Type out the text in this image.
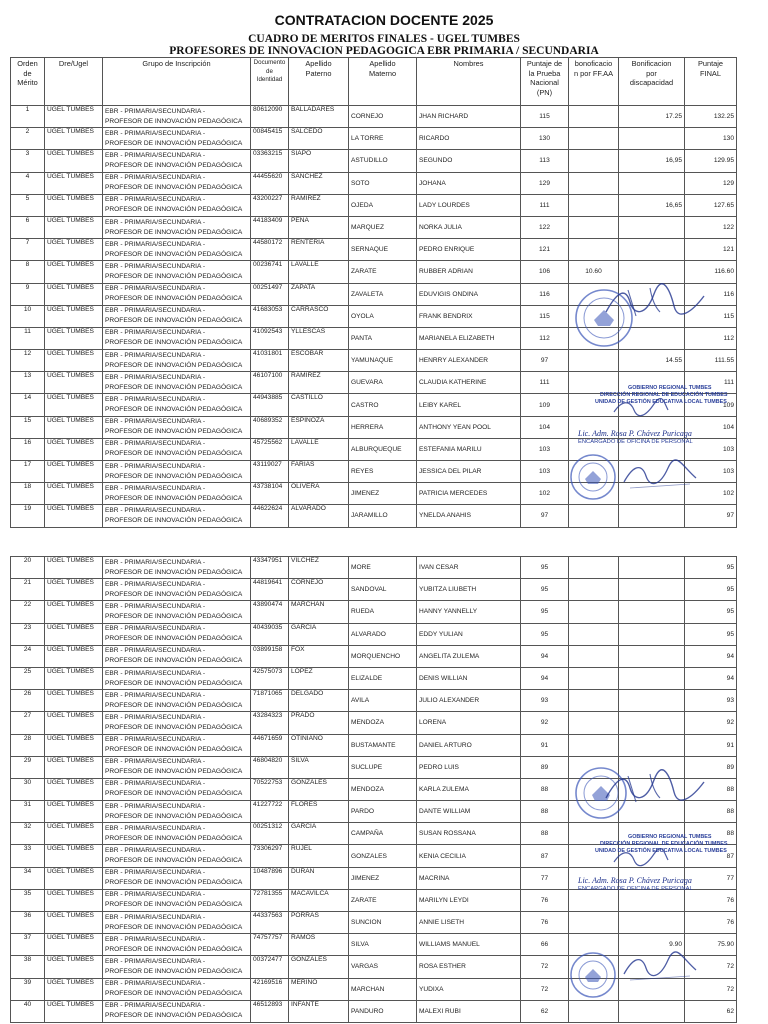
CONTRATACION DOCENTE 2025
CUADRO DE MERITOS FINALES - UGEL TUMBES
PROFESORES DE INNOVACION PEDAGOGICA EBR PRIMARIA / SECUNDARIA
Orden
de
Mérito	Dre/Ugel	Grupo de Inscripción	Documento
de
Identidad	Apellido
Paterno	Apellido
Materno	Nombres	Puntaje de
la Prueba
Nacional
(PN)	bonoficacio
n por FF.AA	Bonificacion
por
discapacidad	Puntaje
FINAL

1	UGEL TUMBES	EBR - PRIMARIA/SECUNDARIA -
PROFESOR DE INNOVACIÓN PEDAGÓGICA	80612090	BALLADARES	CORNEJO	JHAN RICHARD	115		17.25	132.25
2	UGEL TUMBES	EBR - PRIMARIA/SECUNDARIA -
PROFESOR DE INNOVACIÓN PEDAGÓGICA	00845415	SALCEDO	LA TORRE	RICARDO	130			130
3	UGEL TUMBES	EBR - PRIMARIA/SECUNDARIA -
PROFESOR DE INNOVACIÓN PEDAGÓGICA	03363215	SIAPO	ASTUDILLO	SEGUNDO	113		16,95	129.95
4	UGEL TUMBES	EBR - PRIMARIA/SECUNDARIA -
PROFESOR DE INNOVACIÓN PEDAGÓGICA	44455620	SANCHEZ	SOTO	JOHANA	129			129
5	UGEL TUMBES	EBR - PRIMARIA/SECUNDARIA -
PROFESOR DE INNOVACIÓN PEDAGÓGICA	43200227	RAMIREZ	OJEDA	LADY LOURDES	111		16,65	127.65
6	UGEL TUMBES	EBR - PRIMARIA/SECUNDARIA -
PROFESOR DE INNOVACIÓN PEDAGÓGICA	44183409	PEÑA	MARQUEZ	NORKA JULIA	122			122
7	UGEL TUMBES	EBR - PRIMARIA/SECUNDARIA -
PROFESOR DE INNOVACIÓN PEDAGÓGICA	44580172	RENTERIA	SERNAQUE	PEDRO ENRIQUE	121			121
8	UGEL TUMBES	EBR - PRIMARIA/SECUNDARIA -
PROFESOR DE INNOVACIÓN PEDAGÓGICA	00236741	LAVALLE	ZARATE	RUBBER ADRIAN	106	10.60		116.60
9	UGEL TUMBES	EBR - PRIMARIA/SECUNDARIA -
PROFESOR DE INNOVACIÓN PEDAGÓGICA	00251497	ZAPATA	ZAVALETA	EDUVIGIS ONDINA	116			116
10	UGEL TUMBES	EBR - PRIMARIA/SECUNDARIA -
PROFESOR DE INNOVACIÓN PEDAGÓGICA	41683053	CARRASCO	OYOLA	FRANK BENDRIX	115			115
11	UGEL TUMBES	EBR - PRIMARIA/SECUNDARIA -
PROFESOR DE INNOVACIÓN PEDAGÓGICA	41092543	YLLESCAS	PANTA	MARIANELA ELIZABETH	112			112
12	UGEL TUMBES	EBR - PRIMARIA/SECUNDARIA -
PROFESOR DE INNOVACIÓN PEDAGÓGICA	41031801	ESCOBAR	YAMUNAQUE	HENRRY ALEXANDER	97		14.55	111.55
13	UGEL TUMBES	EBR - PRIMARIA/SECUNDARIA -
PROFESOR DE INNOVACIÓN PEDAGÓGICA	46107100	RAMIREZ	GUEVARA	CLAUDIA KATHERINE	111			111
14	UGEL TUMBES	EBR - PRIMARIA/SECUNDARIA -
PROFESOR DE INNOVACIÓN PEDAGÓGICA	44943885	CASTILLO	CASTRO	LEIBY KAREL	109			109
15	UGEL TUMBES	EBR - PRIMARIA/SECUNDARIA -
PROFESOR DE INNOVACIÓN PEDAGÓGICA	40689352	ESPINOZA	HERRERA	ANTHONY YEAN POOL	104			104
16	UGEL TUMBES	EBR - PRIMARIA/SECUNDARIA -
PROFESOR DE INNOVACIÓN PEDAGÓGICA	45725562	LAVALLE	ALBURQUEQUE	ESTEFANIA MARILU	103			103
17	UGEL TUMBES	EBR - PRIMARIA/SECUNDARIA -
PROFESOR DE INNOVACIÓN PEDAGÓGICA	43119027	FARIAS	REYES	JESSICA DEL PILAR	103			103
18	UGEL TUMBES	EBR - PRIMARIA/SECUNDARIA -
PROFESOR DE INNOVACIÓN PEDAGÓGICA	43738104	OLIVERA	JIMENEZ	PATRICIA MERCEDES	102			102
19	UGEL TUMBES	EBR - PRIMARIA/SECUNDARIA -
PROFESOR DE INNOVACIÓN PEDAGÓGICA	44622624	ALVARADO	JARAMILLO	YNELDA ANAHIS	97			97
20	UGEL TUMBES	EBR - PRIMARIA/SECUNDARIA -
PROFESOR DE INNOVACIÓN PEDAGÓGICA	43347951	VILCHEZ	MORE	IVAN CESAR	95			95
21	UGEL TUMBES	EBR - PRIMARIA/SECUNDARIA -
PROFESOR DE INNOVACIÓN PEDAGÓGICA	44819641	CORNEJO	SANDOVAL	YUBITZA LIUBETH	95			95
22	UGEL TUMBES	EBR - PRIMARIA/SECUNDARIA -
PROFESOR DE INNOVACIÓN PEDAGÓGICA	43890474	MARCHAN	RUEDA	HANNY YANNELLY	95			95
23	UGEL TUMBES	EBR - PRIMARIA/SECUNDARIA -
PROFESOR DE INNOVACIÓN PEDAGÓGICA	40439035	GARCIA	ALVARADO	EDDY YULIAN	95			95
24	UGEL TUMBES	EBR - PRIMARIA/SECUNDARIA -
PROFESOR DE INNOVACIÓN PEDAGÓGICA	03899158	FOX	MORQUENCHO	ANGELITA ZULEMA	94			94
25	UGEL TUMBES	EBR - PRIMARIA/SECUNDARIA -
PROFESOR DE INNOVACIÓN PEDAGÓGICA	42575073	LOPEZ	ELIZALDE	DENIS WILLIAN	94			94
26	UGEL TUMBES	EBR - PRIMARIA/SECUNDARIA -
PROFESOR DE INNOVACIÓN PEDAGÓGICA	71871065	DELGADO	AVILA	JULIO ALEXANDER	93			93
27	UGEL TUMBES	EBR - PRIMARIA/SECUNDARIA -
PROFESOR DE INNOVACIÓN PEDAGÓGICA	43284323	PRADO	MENDOZA	LORENA	92			92
28	UGEL TUMBES	EBR - PRIMARIA/SECUNDARIA -
PROFESOR DE INNOVACIÓN PEDAGÓGICA	44671659	OTINIANO	BUSTAMANTE	DANIEL ARTURO	91			91
29	UGEL TUMBES	EBR - PRIMARIA/SECUNDARIA -
PROFESOR DE INNOVACIÓN PEDAGÓGICA	46804820	SILVA	SUCLUPE	PEDRO LUIS	89			89
30	UGEL TUMBES	EBR - PRIMARIA/SECUNDARIA -
PROFESOR DE INNOVACIÓN PEDAGÓGICA	70522753	GONZÁLES	MENDOZA	KARLA ZULEMA	88			88
31	UGEL TUMBES	EBR - PRIMARIA/SECUNDARIA -
PROFESOR DE INNOVACIÓN PEDAGÓGICA	41227722	FLORES	PARDO	DANTE WILLIAM	88			88
32	UGEL TUMBES	EBR - PRIMARIA/SECUNDARIA -
PROFESOR DE INNOVACIÓN PEDAGÓGICA	00251312	GARCIA	CAMPAÑA	SUSAN ROSSANA	88			88
33	UGEL TUMBES	EBR - PRIMARIA/SECUNDARIA -
PROFESOR DE INNOVACIÓN PEDAGÓGICA	73306297	RUJEL	GONZALES	KENIA CECILIA	87			87
34	UGEL TUMBES	EBR - PRIMARIA/SECUNDARIA -
PROFESOR DE INNOVACIÓN PEDAGÓGICA	10487896	DURAN	JIMENEZ	MACRINA	77			77
35	UGEL TUMBES	EBR - PRIMARIA/SECUNDARIA -
PROFESOR DE INNOVACIÓN PEDAGÓGICA	72781355	MACAVILCA	ZARATE	MARILYN LEYDI	76			76
36	UGEL TUMBES	EBR - PRIMARIA/SECUNDARIA -
PROFESOR DE INNOVACIÓN PEDAGÓGICA	44337563	PORRAS	SUNCION	ANNIE LISETH	76			76
37	UGEL TUMBES	EBR - PRIMARIA/SECUNDARIA -
PROFESOR DE INNOVACIÓN PEDAGÓGICA	74757757	RAMOS	SILVA	WILLIAMS MANUEL	66		9.90	75.90
38	UGEL TUMBES	EBR - PRIMARIA/SECUNDARIA -
PROFESOR DE INNOVACIÓN PEDAGÓGICA	00372477	GONZALES	VARGAS	ROSA ESTHER	72			72
39	UGEL TUMBES	EBR - PRIMARIA/SECUNDARIA -
PROFESOR DE INNOVACIÓN PEDAGÓGICA	42169516	MERINO	MARCHAN	YUDIXA	72			72
40	UGEL TUMBES	EBR - PRIMARIA/SECUNDARIA -
PROFESOR DE INNOVACIÓN PEDAGÓGICA	46512893	INFANTE	PANDURO	MALEXI RUBI	62			62
GOBIERNO REGIONAL TUMBES
DIRECCIÓN REGIONAL DE EDUCACIÓN TUMBES
UNIDAD DE GESTIÓN EDUCATIVA LOCAL TUMBES
Lic. Adm. Rosa P. Chávez Puricaga
ENCARGADO DE OFICINA DE PERSONAL
GOBIERNO REGIONAL TUMBES
DIRECCIÓN REGIONAL DE EDUCACIÓN TUMBES
UNIDAD DE GESTIÓN EDUCATIVA LOCAL TUMBES
Lic. Adm. Rosa P. Chávez Puricaga
ENCARGADO DE OFICINA DE PERSONAL
